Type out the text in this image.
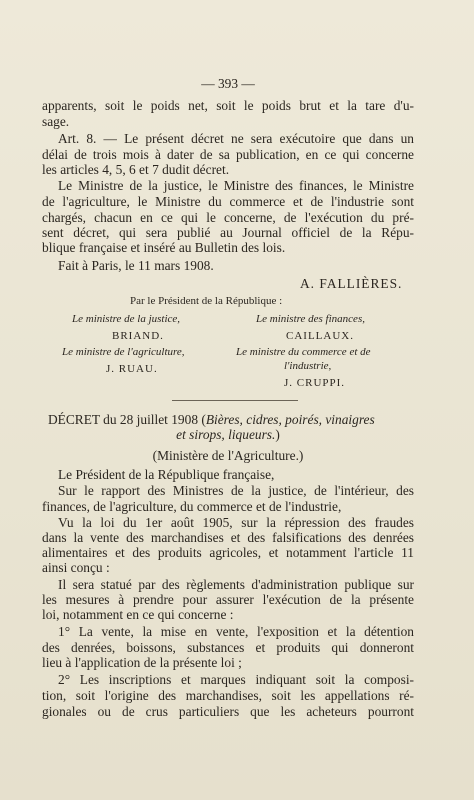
— 393 —
apparents, soit le poids net, soit le poids brut et la tare d'u-
sage.
Art. 8. — Le présent décret ne sera exécutoire que dans un
délai de trois mois à dater de sa publication, en ce qui concerne
les articles 4, 5, 6 et 7 dudit décret.
Le Ministre de la justice, le Ministre des finances, le Ministre
de l'agriculture, le Ministre du commerce et de l'industrie sont
chargés, chacun en ce qui le concerne, de l'exécution du pré-
sent décret, qui sera publié au Journal officiel de la Répu-
blique française et inséré au Bulletin des lois.
Fait à Paris, le 11 mars 1908.
A. FALLIÈRES.
Par le Président de la République :
Le ministre de la justice,
BRIAND.
Le ministre de l'agriculture,
J. RUAU.
Le ministre des finances,
CAILLAUX.
Le ministre du commerce et de
l'industrie,
J. CRUPPI.
DÉCRET du 28 juillet 1908 (Bières, cidres, poirés, vinaigres
et sirops, liqueurs.)
(Ministère de l'Agriculture.)
Le Président de la République française,
Sur le rapport des Ministres de la justice, de l'intérieur, des
finances, de l'agriculture, du commerce et de l'industrie,
Vu la loi du 1er août 1905, sur la répression des fraudes
dans la vente des marchandises et des falsifications des denrées
alimentaires et des produits agricoles, et notamment l'article 11
ainsi conçu :
Il sera statué par des règlements d'administration publique sur
les mesures à prendre pour assurer l'exécution de la présente
loi, notamment en ce qui concerne :
1° La vente, la mise en vente, l'exposition et la détention
des denrées, boissons, substances et produits qui donneront
lieu à l'application de la présente loi ;
2° Les inscriptions et marques indiquant soit la composi-
tion, soit l'origine des marchandises, soit les appellations ré-
gionales ou de crus particuliers que les acheteurs pourront
